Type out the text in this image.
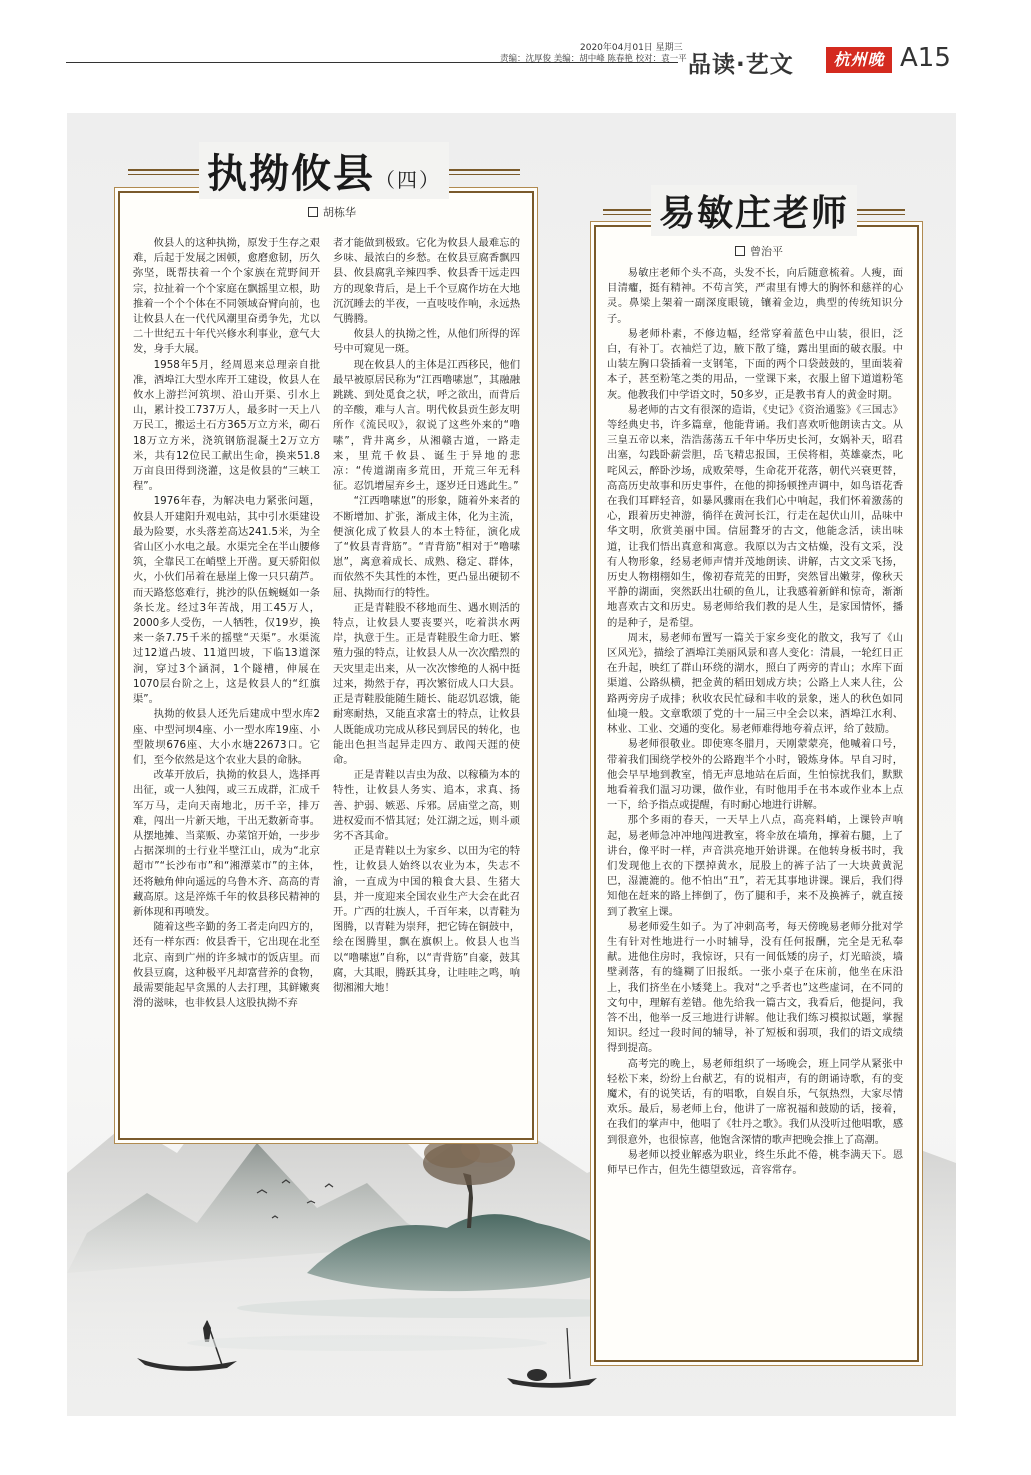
2020年04月01日 星期三
责编：沈厚俊 美编：胡中峰 陈春艳 校对：袁一平 品读·艺文	杭州晚报
A15
执拗攸县（四）
胡栋华

攸县人的这种执拗，原发于生存之艰难，后起于发展之困顿，愈磨愈韧，历久弥坚，既帮扶着一个个家族在荒野间开宗，拉扯着一个个家庭在飘摇里立根，助推着一个个个体在不同领域奋臂向前，也让攸县人在一代代风潮里奋勇争先，尤以二十世纪五十年代兴修水利事业，意气大发，身手大展。

1958年5月，经周恩来总理亲自批准，酒埠江大型水库开工建设，攸县人在攸水上游拦河筑坝、沿山开渠、引水上山，累计投工737万人，最多时一天上八万民工，搬运土石方365万立方米，砌石18万立方米，浇筑钢筋混凝土2万立方米，共有12位民工献出生命，换来51.8万亩良田得到浇灌，这是攸县的“三峡工程”。

1976年春，为解决电力紧张问题，攸县人开建阳升观电站，其中引水渠建设最为险要，水头落差高达241.5米，为全省山区小水电之最。水渠完全在半山腰修筑，全靠民工在峭壁上开凿。夏天骄阳似火，小伙们吊着在悬崖上像一只只葫芦。而天路悠悠难行，挑沙的队伍蜿蜒如一条条长龙。经过3年苦战，用工45万人，2000多人受伤，一人牺牲，仅19岁，换来一条7.75千米的摇壁“天渠”。水渠流过12道凸坡、11道凹坡，下临13道深涧，穿过3个涵洞，1个隧槽，伸展在1070层台阶之上，这是攸县人的“红旗渠”。

执拗的攸县人还先后建成中型水库2座、中型河坝4座、小一型水库19座、小型陂坝676座、大小水塘22673口。它们，至今依然是这个农业大县的命脉。

改革开放后，执拗的攸县人，选择再出征，或一人独闯，或三五成群，汇成千军万马，走向天南地北，历千辛，排万难，闯出一片新天地，干出无数新奇事。从摆地摊、当菜贩、办菜馆开始，一步步占据深圳的士行业半壁江山，成为“北京超市”“长沙布市”和“湘潭菜市”的主体，还将触角伸向遥远的乌鲁木齐、高高的青藏高原。这是淬炼千年的攸县移民精神的新体现和再喷发。

随着这些辛勤的务工者走向四方的，还有一样东西：攸县香干，它出现在北至北京、南到广州的许多城市的饭店里。而攸县豆腐，这种极平凡却富营养的食物，最需要能起早贪黑的人去打理，其鲜嫩爽滑的滋味，也非攸县人这股执拗不弃

者才能做到极致。它化为攸县人最难忘的乡味、最浓白的乡愁。在攸县豆腐香飘四县、攸县腐乳辛辣四季、攸县香干远走四方的现象背后，是上千个豆腐作坊在大地沉沉睡去的半夜，一直吱吱作响，永远热气腾腾。

攸县人的执拗之性，从他们所得的诨号中可窥见一斑。

现在攸县人的主体是江西移民，他们最早被原居民称为“江西噜嗉崽”，其融融跳跳、到处觅食之状，呼之欲出，而背后的辛酸，难与人言。明代攸县贡生彭友明所作《流民叹》，叙说了这些外来的“噜嗉”，背井离乡，从湘赣古道，一路走来，里荒千攸县、诞生于异地的悲凉：“传道湖南多荒田，开荒三年无科征。忍饥增屋弃乡土，逐岁迁日逃此生。”

“江西噜嗉崽”的形象，随着外来者的不断增加、扩张，渐成主体，化为主流，便演化成了攸县人的本土特征，演化成了“攸县青背筋”。“青背筋”相对于“噜嗉崽”，离意着成长、成熟、稳定、群体，而依然不失其性的本性，更凸显出硬韧不屈、执拗而行的特性。

正是青鞋股不移地而生、遇水则活的特点，让攸县人要丧要兴，吃着洪水两岸，执意于生。正是青鞋股生命力旺、繁殖力强的特点，让攸县人从一次次酷烈的天灾里走出来，从一次次惨绝的人祸中挺过来，拗然于存，再次繁衍成人口大县。正是青鞋股能随生随长、能忍饥忍饿，能耐寒耐热，又能直求富士的特点，让攸县人既能成功完成从移民到居民的转化，也能出色担当起异走四方、敢闯天涯的使命。

正是青鞋以吉虫为敌、以稼穑为本的特性，让攸县人务实、追本，求真、扬善、护弱、嫉恶、斥邪。居庙堂之高，则进权爱而不惜其冠；处江湖之远，则斗顽劣不吝其命。

正是青鞋以土为家乡、以田为宅的特性，让攸县人始终以农业为本，失志不渝，一直成为中国的粮食大县、生猪大县，并一度迎来全国农业生产大会在此召开。广西的壮族人，千百年来，以青鞋为图腾，以青鞋为崇拜，把它铸在铜鼓中，绘在图腾里，飘在旗帜上。攸县人也当以“噜嗉崽”自称，以“青背筋”自豪，鼓其腐，大其眼，腾跃其身，让哇哇之鸣，响彻湘湘大地！

易敏庄老师
曾治平

易敏庄老师个头不高，头发不长，向后随意梳着。人瘦，面目清癯，挺有精神。不苟言笑，严肃里有博大的胸怀和慈祥的心灵。鼻梁上架着一副深度眼镜，镶着金边，典型的传统知识分子。

易老师朴素，不修边幅，经常穿着蓝色中山装，很旧，泛白，有补丁。衣袖烂了边，腋下散了缝，露出里面的破衣服。中山装左胸口袋插着一支钢笔，下面的两个口袋鼓鼓的，里面装着本子，甚至粉笔之类的用品，一堂课下来，衣服上留下道道粉笔灰。他教我们中学语文时，50多岁，正是教书育人的黄金时期。

易老师的古文有很深的造诣，《史记》《资治通鉴》《三国志》等经典史书，许多篇章，他能背诵。我们喜欢听他朗读古文。从三皇五帝以来，浩浩荡荡五千年中华历史长河，女娲补天，昭君出塞，勾践卧薪尝胆，岳飞精忠报国，王侯将相，英雄豪杰，叱咤风云，醉卧沙场，成败荣辱，生命花开花落，朝代兴衰更替，高高历史故事和历史事件，在他的抑扬顿挫声调中，如鸟语花香在我们耳畔轻音，如暴风骤雨在我们心中响起，我们怀着激荡的心，跟着历史神游，徜徉在黄河长江，行走在起伏山川，品味中华文明，欣赏美丽中国。信屈聱牙的古文，他能念活，读出味道，让我们悟出真意和寓意。我原以为古文枯燥，没有文采，没有人物形象，经易老师声情并茂地朗读、讲解，古文文采飞扬，历史人物栩栩如生，像初春荒芜的田野，突然冒出嫩芽，像秋天平静的湖面，突然跃出壮硕的鱼儿，让我感着新鲜和惊奇，渐渐地喜欢古文和历史。易老师给我们教的是人生，是家国情怀，播的是种子，是希望。

周末，易老师布置写一篇关于家乡变化的散文，我写了《山区风光》，描绘了酒埠江美丽风景和喜人变化：清晨，一轮红日正在升起，映红了群山环绕的湖水，照白了两旁的青山；水库下面渠道、公路纵横，把金黄的稻田划成方块；公路上人来人往，公路两旁房子成排；秋收农民忙碌和丰收的景象，迷人的秋色如同仙境一般。文章歌颂了党的十一届三中全会以来，酒埠江水利、林业、工业、交通的变化。易老师难得地夸着点评，给了鼓励。

易老师很敬业。即使寒冬腊月，天刚蒙蒙亮，他喊着口号，带着我们围绕学校外的公路跑半个小时，锻炼身体。早自习时，他会早早地到教室，悄无声息地站在后面，生怕惊扰我们，默默地看着我们温习功课，做作业，有时他用手在书本或作业本上点一下，给予指点或提醒，有时耐心地进行讲解。

那个多雨的春天，一天早上八点，高亮料峭，上课铃声响起，易老师急冲冲地闯进教室，将伞放在墙角，撑着右腿，上了讲台，像平时一样，声音洪亮地开始讲课。在他转身板书时，我们发现他上衣的下摆掉黄水，屁股上的裤子沾了一大块黄黄泥巴，湿漉漉的。他不怕出“丑”，若无其事地讲课。课后，我们得知他在赶来的路上摔倒了，伤了腿和手，来不及换裤子，就直接到了教室上课。

易老师爱生如子。为了冲刺高考，每天傍晚易老师分批对学生有针对性地进行一小时辅导，没有任何报酬，完全是无私奉献。进他住房时，我惊讶，只有一间低矮的房子，灯光暗淡，墙壁剥落，有的缝糊了旧报纸。一张小桌子在床前，他坐在床沿上，我们挤坐在小矮凳上。我对“之乎者也”这些虚词，在不同的文句中，理解有差错。他先给我一篇古文，我看后，他提问，我答不出，他举一反三地进行讲解。他让我们练习模拟试题，掌握知识。经过一段时间的辅导，补了短板和弱项，我们的语文成绩得到提高。

高考完的晚上，易老师组织了一场晚会，班上同学从紧张中轻松下来，纷纷上台献艺，有的说相声，有的朗诵诗歌，有的变魔术，有的说笑话，有的唱歌，自娱自乐，气氛热烈，大家尽情欢乐。最后，易老师上台，他讲了一席祝福和鼓励的话，接着，在我们的掌声中，他唱了《牡丹之歌》。我们从没听过他唱歌，感到很意外，也很惊喜，他饱含深情的歌声把晚会推上了高潮。

易老师以授业解惑为职业，终生乐此不倦，桃李满天下。恩师早已作古，但先生德望致远，音容常存。
